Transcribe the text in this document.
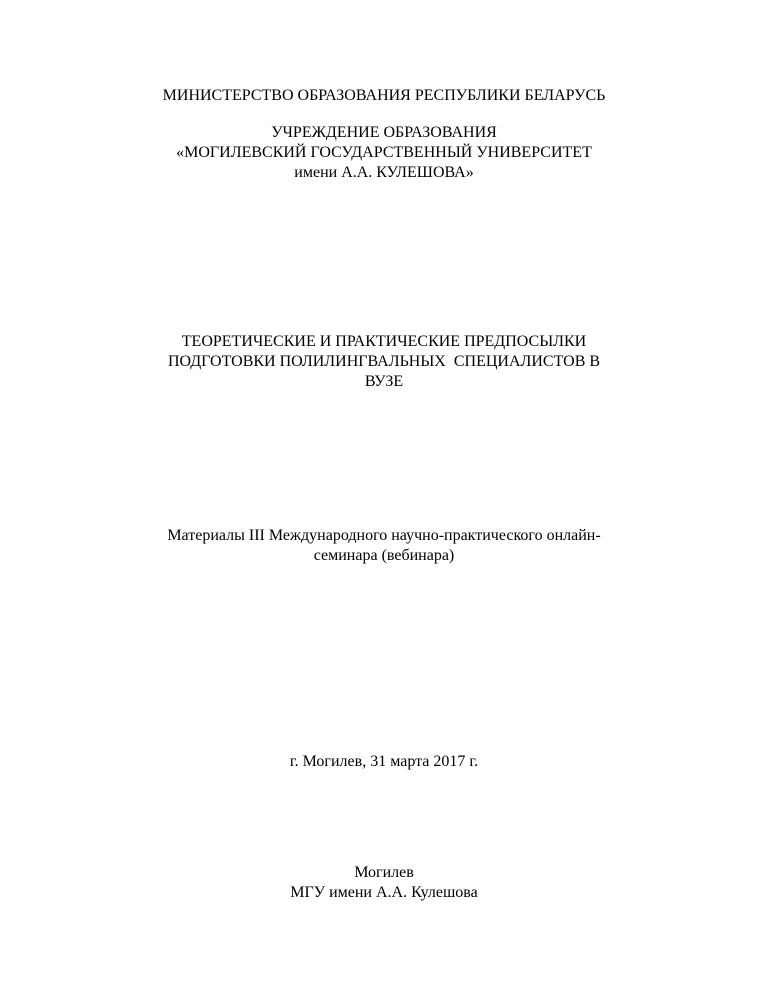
МИНИСТЕРСТВО ОБРАЗОВАНИЯ РЕСПУБЛИКИ БЕЛАРУСЬ
УЧРЕЖДЕНИЕ ОБРАЗОВАНИЯ
«МОГИЛЕВСКИЙ ГОСУДАРСТВЕННЫЙ УНИВЕРСИТЕТ
имени А.А. КУЛЕШОВА»
ТЕОРЕТИЧЕСКИЕ И ПРАКТИЧЕСКИЕ ПРЕДПОСЫЛКИ
ПОДГОТОВКИ ПОЛИЛИНГВАЛЬНЫХ  СПЕЦИАЛИСТОВ В
ВУЗЕ
Материалы III Международного научно-практического онлайн-
семинара (вебинара)
г. Могилев, 31 марта 2017 г.
Могилев
МГУ имени А.А. Кулешова
